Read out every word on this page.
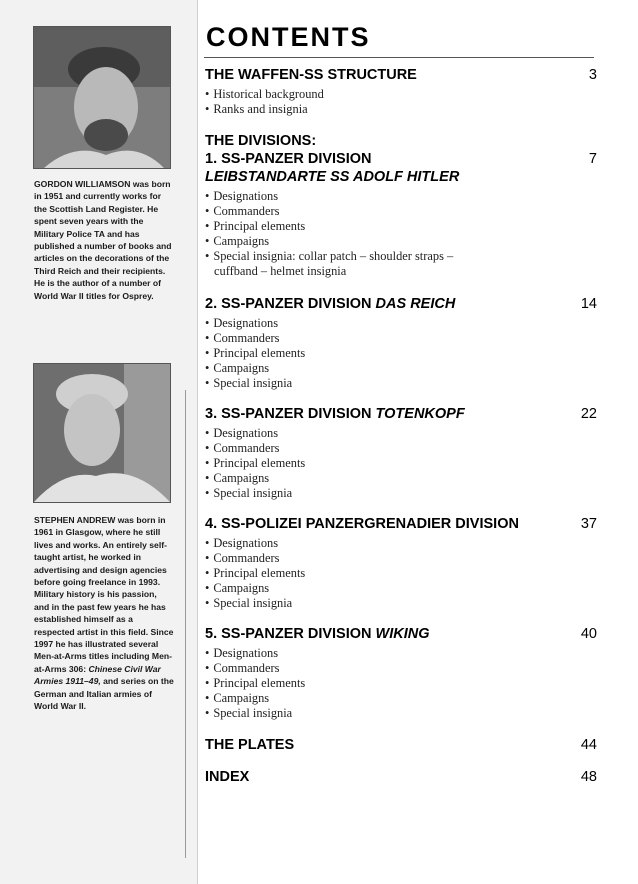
GORDON WILLIAMSON was born in 1951 and currently works for the Scottish Land Register. He spent seven years with the Military Police TA and has published a number of books and articles on the decorations of the Third Reich and their recipients. He is the author of a number of World War II titles for Osprey.
STEPHEN ANDREW was born in 1961 in Glasgow, where he still lives and works. An entirely self-taught artist, he worked in advertising and design agencies before going freelance in 1993. Military history is his passion, and in the past few years he has established himself as a respected artist in this field. Since 1997 he has illustrated several Men-at-Arms titles including Men-at-Arms 306: Chinese Civil War Armies 1911–49, and series on the German and Italian armies of World War II.
CONTENTS
THE WAFFEN-SS STRUCTURE	3
• Historical background
• Ranks and insignia
THE DIVISIONS:
1. SS-PANZER DIVISION	7
LEIBSTANDARTE SS ADOLF HITLER
• Designations
• Commanders
• Principal elements
• Campaigns
• Special insignia: collar patch – shoulder straps –
cuffband – helmet insignia
2. SS-PANZER DIVISION DAS REICH	14
• Designations
• Commanders
• Principal elements
• Campaigns
• Special insignia
3. SS-PANZER DIVISION TOTENKOPF	22
• Designations
• Commanders
• Principal elements
• Campaigns
• Special insignia
4. SS-POLIZEI PANZERGRENADIER DIVISION	37
• Designations
• Commanders
• Principal elements
• Campaigns
• Special insignia
5. SS-PANZER DIVISION WIKING	40
• Designations
• Commanders
• Principal elements
• Campaigns
• Special insignia
THE PLATES	44
INDEX	48
